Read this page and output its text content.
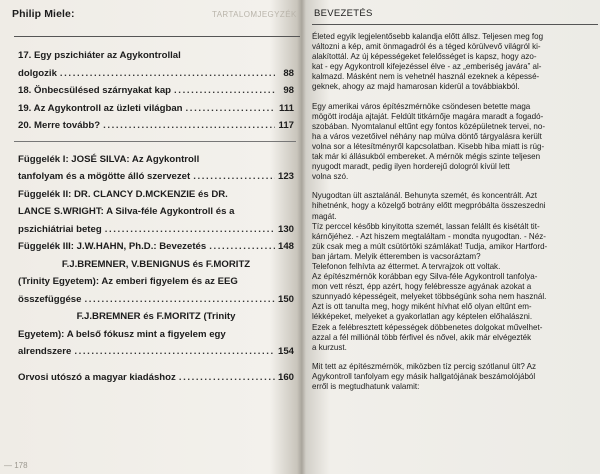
Philip Miele:	TARTALOMJEGYZÉK
17. Egy pszichiáter az Agykontrollal
dolgozik .....	88
18. Önbecsülésed szárnyakat kap .....	98
19. Az Agykontroll az üzleti világban .....	111
20. Merre tovább? .....	117
Függelék I: JOSÉ SILVA: Az Agykontroll
tanfolyam és a mögötte álló szervezet .....	123
Függelék II: DR. CLANCY D.MCKENZIE és DR.
LANCE S.WRIGHT: A Silva-féle Agykontroll és a
pszichiátriai beteg .....	130
Függelék III: J.W.HAHN, Ph.D.: Bevezetés .....	148
F.J.BREMNER, V.BENIGNUS és F.MORITZ
(Trinity Egyetem): Az emberi figyelem és az EEG
összefüggése .....	150
F.J.BREMNER és F.MORITZ (Trinity
Egyetem): A belső fókusz mint a figyelem egy
alrendszere .....	154
Orvosi utószó a magyar kiadáshoz .....	160
— 178
BEVEZETÉS
Életed egyik legjelentősebb kalandja előtt állsz. Teljesen meg fog
változni a kép, amit önmagadról és a téged körülvevő világról ki-
alakítottál. Az új képességeket felelősséget is kapsz, hogy azo-
kat - egy Agykontroll kifejezéssel élve - az „emberiség javára” al-
kalmazd. Másként nem is vehetnél használ ezeknek a képessé-
geknek, ahogy az majd hamarosan kiderül a továbbiakból.
Egy amerikai város építészmérnöke csöndesen betette maga
mögött irodája ajtaját. Feldúlt titkárnője magára maradt a fogadó-
szobában. Nyomtalanul eltűnt egy fontos középületnek tervei, no-
ha a város vezetőivel néhány nap múlva döntő tárgyalásra került
volna sor a létesítményről kapcsolatban. Kisebb hiba miatt is rúg-
tak már ki állásukból embereket. A mérnök mégis szinte teljesen
nyugodt maradt, pedig ilyen horderejű dologról kívül lett
volna szó.
Nyugodtan ült asztalánál. Behunyta szemét, és koncentrált. Azt
hihetnénk, hogy a közelgő botrány előtt megpróbálta összeszedni
magát.
Tíz perccel később kinyitotta szemét, lassan felállt és kisétált tit-
kárnőjéhez. - Azt hiszem megtaláltam - mondta nyugodtan. - Néz-
zük csak meg a múlt csütörtöki számlákat! Tudja, amikor Hartford-
ban jártam. Melyik étteremben is vacsoráztam?
Telefonon felhívta az éttermet. A tervrajzok ott voltak.
Az építészmérnök korábban egy Silva-féle Agykontroll tanfolya-
mon vett részt, épp azért, hogy felébressze agyának azokat a
szunnyadó képességeit, melyeket többségünk soha nem használ.
Azt is ott tanulta meg, hogy miként hívhat elő olyan eltűnt em-
lékképeket, melyeket a gyakorlatlan agy képtelen előhalászni.
Ezek a felébresztett képességek döbbenetes dolgokat művelhet-
azzal a fél milliónál több férfivel és nővel, akik már elvégezték
a kurzust.
Mit tett az építészmérnök, miközben tíz percig szótlanul ült? Az
Agykontroll tanfolyam egy másik hallgatójának beszámolójából
erről is megtudhatunk valamit:
